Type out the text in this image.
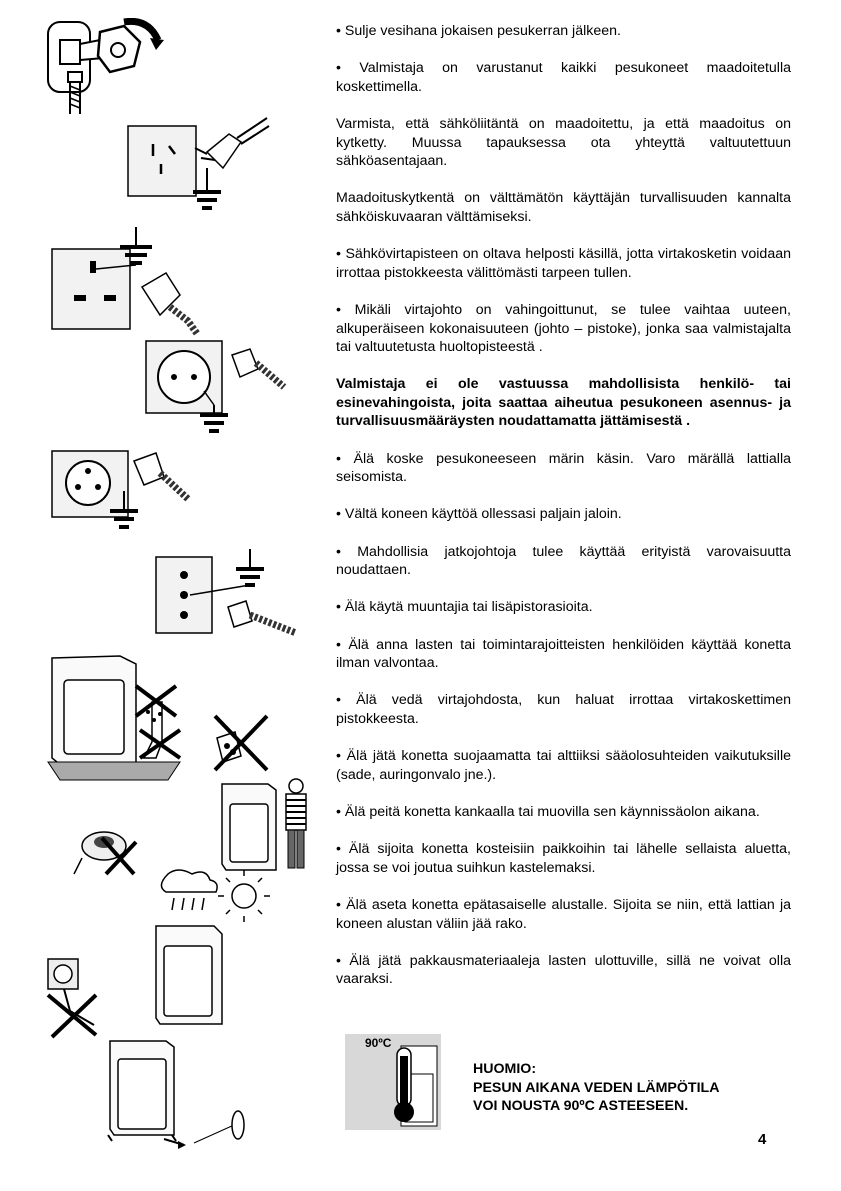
• Sulje vesihana jokaisen pesukerran jälkeen.

• Valmistaja on varustanut kaikki pesukoneet maadoitetulla koskettimella.

Varmista, että sähköliitäntä on maadoitettu, ja että maadoitus on kytketty. Muussa tapauksessa ota yhteyttä valtuutettuun sähköasentajaan.

Maadoituskytkentä on välttämätön käyttäjän turvallisuuden kannalta sähköiskuvaaran välttämiseksi.

• Sähkövirtapisteen on oltava helposti käsillä, jotta virtakosketin voidaan irrottaa pistokkeesta välittömästi tarpeen tullen.

• Mikäli virtajohto on vahingoittunut, se tulee vaihtaa uuteen, alkuperäiseen kokonaisuuteen (johto – pistoke), jonka saa valmistajalta tai valtuutetusta huoltopisteestä .

Valmistaja ei ole vastuussa mahdollisista henkilö- tai esinevahingoista, joita saattaa aiheutua pesukoneen asennus- ja turvallisuusmääräysten noudattamatta jättämisestä .

• Älä koske pesukoneeseen märin käsin. Varo märällä lattialla seisomista.

• Vältä koneen käyttöä ollessasi paljain jaloin.

• Mahdollisia jatkojohtoja tulee käyttää erityistä varovaisuutta noudattaen.

• Älä käytä muuntajia tai lisäpistorasioita.

• Älä anna lasten tai toimintarajoitteisten henkilöiden käyttää konetta ilman valvontaa.

• Älä vedä virtajohdosta, kun haluat irrottaa virtakoskettimen pistokkeesta.

• Älä jätä konetta suojaamatta tai alttiiksi sääolosuhteiden vaikutuksille (sade, auringonvalo jne.).

• Älä peitä konetta kankaalla tai muovilla sen käynnissäolon aikana.

• Älä sijoita konetta kosteisiin paikkoihin tai lähelle sellaista aluetta, jossa se voi joutua suihkun kastelemaksi.

• Älä aseta konetta epätasaiselle alustalle. Sijoita se niin, että lattian ja koneen alustan väliin jää rako.

• Älä jätä pakkausmateriaaleja lasten ulottuville, sillä ne voivat olla vaaraksi.

90ºC
HUOMIO:
PESUN AIKANA VEDEN LÄMPÖTILA
VOI NOUSTA 90ºC ASTEESEEN.
4
